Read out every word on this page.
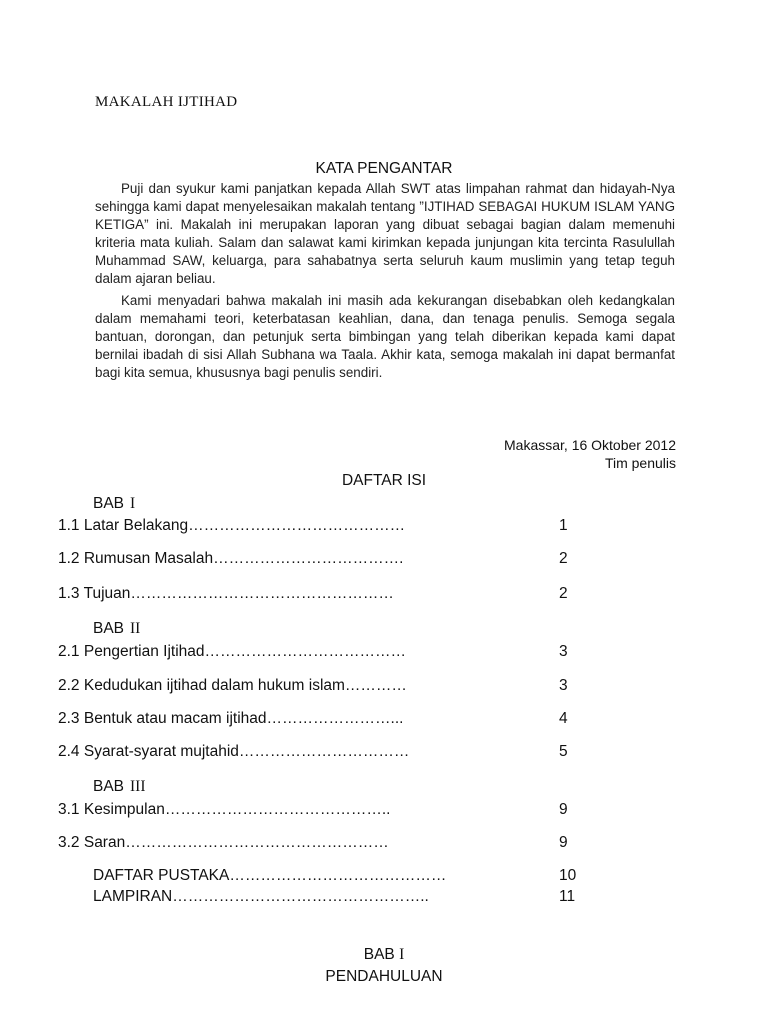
MAKALAH IJTIHAD
KATA PENGANTAR
Puji dan syukur kami panjatkan kepada Allah SWT atas limpahan rahmat dan hidayah-Nya sehingga kami dapat menyelesaikan makalah tentang ”IJTIHAD SEBAGAI HUKUM ISLAM YANG KETIGA” ini. Makalah ini merupakan laporan yang dibuat sebagai bagian dalam memenuhi kriteria mata kuliah. Salam dan salawat kami kirimkan kepada junjungan kita tercinta Rasulullah Muhammad SAW, keluarga, para sahabatnya serta seluruh kaum muslimin yang tetap teguh dalam ajaran beliau.
Kami menyadari bahwa makalah ini masih ada kekurangan disebabkan oleh kedangkalan dalam memahami teori, keterbatasan keahlian, dana, dan tenaga penulis. Semoga segala bantuan, dorongan, dan petunjuk serta bimbingan yang telah diberikan kepada kami dapat bernilai ibadah di sisi Allah Subhana wa Taala. Akhir kata, semoga makalah ini dapat bermanfat bagi kita semua, khususnya bagi penulis sendiri.
Makassar, 16 Oktober 2012
Tim penulis
DAFTAR ISI
BAB I
1.1 Latar Belakang……………………………………	1
1.2 Rumusan Masalah……………………………….	2
1.3 Tujuan……………………………………………	2
BAB II
2.1 Pengertian Ijtihad…………………………………	3
2.2 Kedudukan ijtihad dalam hukum islam…………	3
2.3 Bentuk atau macam ijtihad……………………...	4
2.4 Syarat-syarat mujtahid……………………………	5
BAB III
3.1 Kesimpulan……………………………………..	9
3.2 Saran……………………………………………	9
DAFTAR PUSTAKA……………………………………	10
LAMPIRAN…………………………………………..	11
BAB I
PENDAHULUAN
